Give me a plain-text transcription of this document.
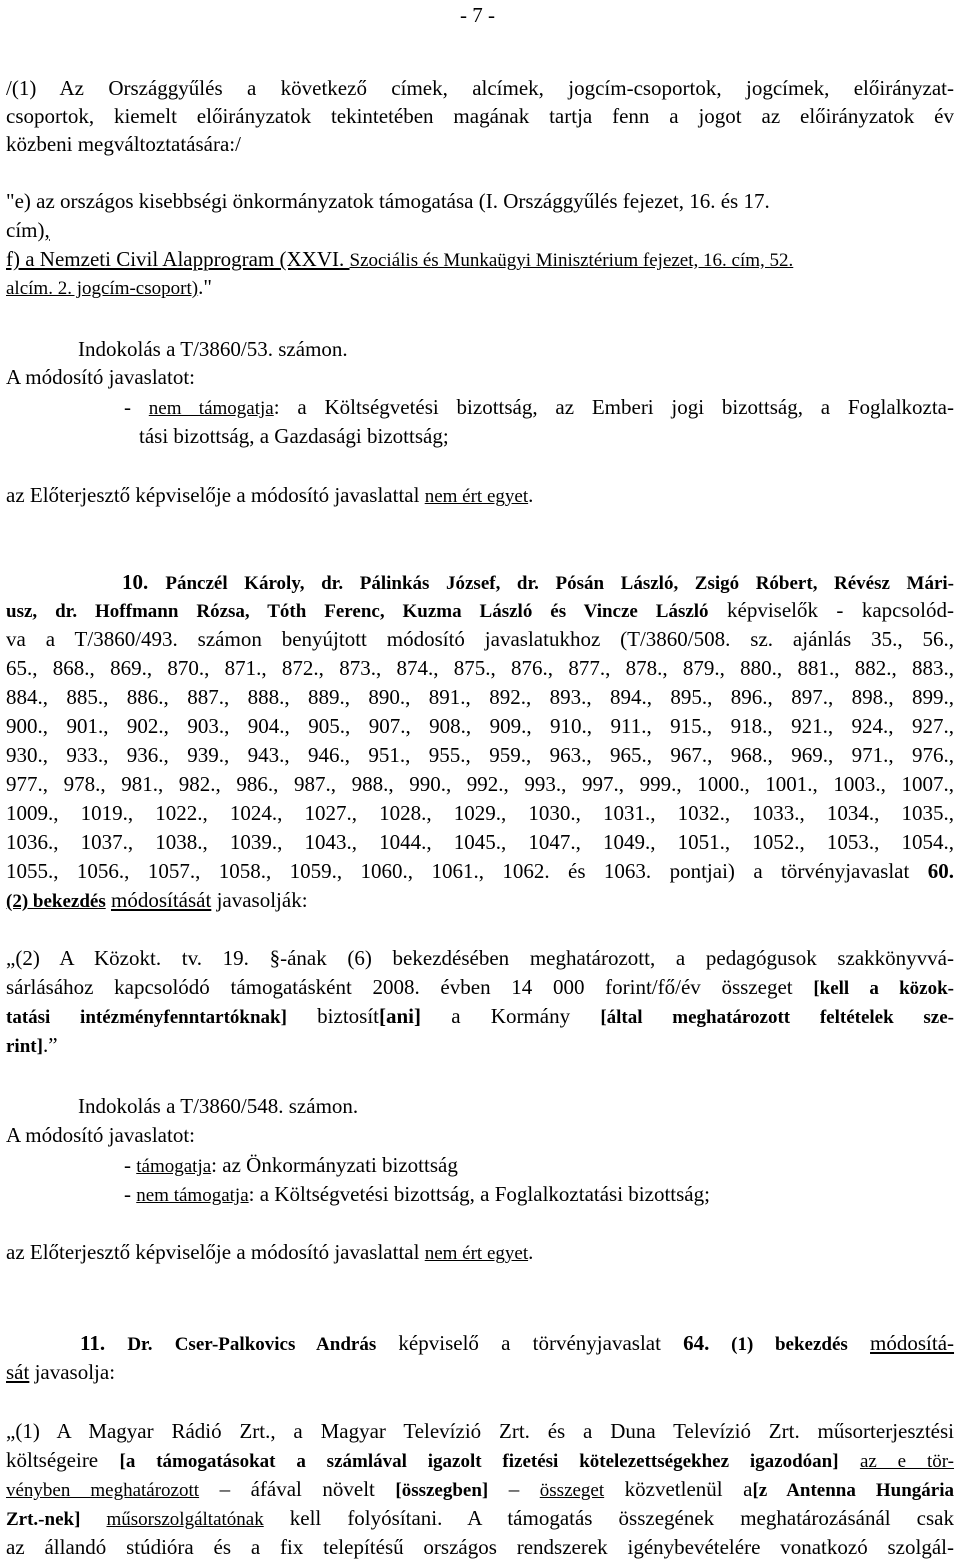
- 7 -
/(1) Az Országgyűlés a következő címek, alcímek, jogcím-csoportok, jogcímek, előirányzat-
csoportok, kiemelt előirányzatok tekintetében magának tartja fenn a jogot az előirányzatok év
közbeni megváltoztatására:/
"e) az országos kisebbségi önkormányzatok támogatása (I. Országgyűlés fejezet, 16. és 17.
cím),
f) a Nemzeti Civil Alapprogram (XXVI. Szociális és Munkaügyi Minisztérium fejezet, 16. cím, 52.
alcím. 2. jogcím-csoport)."
Indokolás a T/3860/53. számon.
A módosító javaslatot:
- nem támogatja: a Költségvetési bizottság, az Emberi jogi bizottság, a Foglalkozta-
tási bizottság, a Gazdasági bizottság;
az Előterjesztő képviselője a módosító javaslattal nem ért egyet.
10. Pánczél Károly, dr. Pálinkás József, dr. Pósán László, Zsigó Róbert, Révész Mári-
usz, dr. Hoffmann Rózsa, Tóth Ferenc, Kuzma László és Vincze László képviselők - kapcsolód-
va a T/3860/493. számon benyújtott módosító javaslatukhoz (T/3860/508. sz. ajánlás 35., 56.,
65., 868., 869., 870., 871., 872., 873., 874., 875., 876., 877., 878., 879., 880., 881., 882., 883.,
884., 885., 886., 887., 888., 889., 890., 891., 892., 893., 894., 895., 896., 897., 898., 899.,
900., 901., 902., 903., 904., 905., 907., 908., 909., 910., 911., 915., 918., 921., 924., 927.,
930., 933., 936., 939., 943., 946., 951., 955., 959., 963., 965., 967., 968., 969., 971., 976.,
977., 978., 981., 982., 986., 987., 988., 990., 992., 993., 997., 999., 1000., 1001., 1003., 1007.,
1009., 1019., 1022., 1024., 1027., 1028., 1029., 1030., 1031., 1032., 1033., 1034., 1035.,
1036., 1037., 1038., 1039., 1043., 1044., 1045., 1047., 1049., 1051., 1052., 1053., 1054.,
1055., 1056., 1057., 1058., 1059., 1060., 1061., 1062. és 1063. pontjai) a törvényjavaslat 60.
(2) bekezdés módosítását javasolják:
„(2) A Közokt. tv. 19. §-ának (6) bekezdésében meghatározott, a pedagógusok szakkönyvvá-
sárlásához kapcsolódó támogatásként 2008. évben 14 000 forint/fő/év összeget [kell a közok-
tatási intézményfenntartóknak] biztosít[ani] a Kormány [által meghatározott feltételek sze-
rint].”
Indokolás a T/3860/548. számon.
A módosító javaslatot:
- támogatja: az Önkormányzati bizottság
- nem támogatja: a Költségvetési bizottság, a Foglalkoztatási bizottság;
az Előterjesztő képviselője a módosító javaslattal nem ért egyet.
11. Dr. Cser-Palkovics András képviselő a törvényjavaslat 64. (1) bekezdés módosítá-
sát javasolja:
„(1) A Magyar Rádió Zrt., a Magyar Televízió Zrt. és a Duna Televízió Zrt. műsorterjesztési
költségeire [a támogatásokat a számlával igazolt fizetési kötelezettségekhez igazodóan] az e tör-
vényben meghatározott – áfával növelt [összegben] – összeget közvetlenül a[z Antenna Hungária
Zrt.-nek] műsorszolgáltatónak kell folyósítani. A támogatás összegének meghatározásánál csak
az állandó stúdióra és a fix telepítésű országos rendszerek igénybevételére vonatkozó szolgál-
